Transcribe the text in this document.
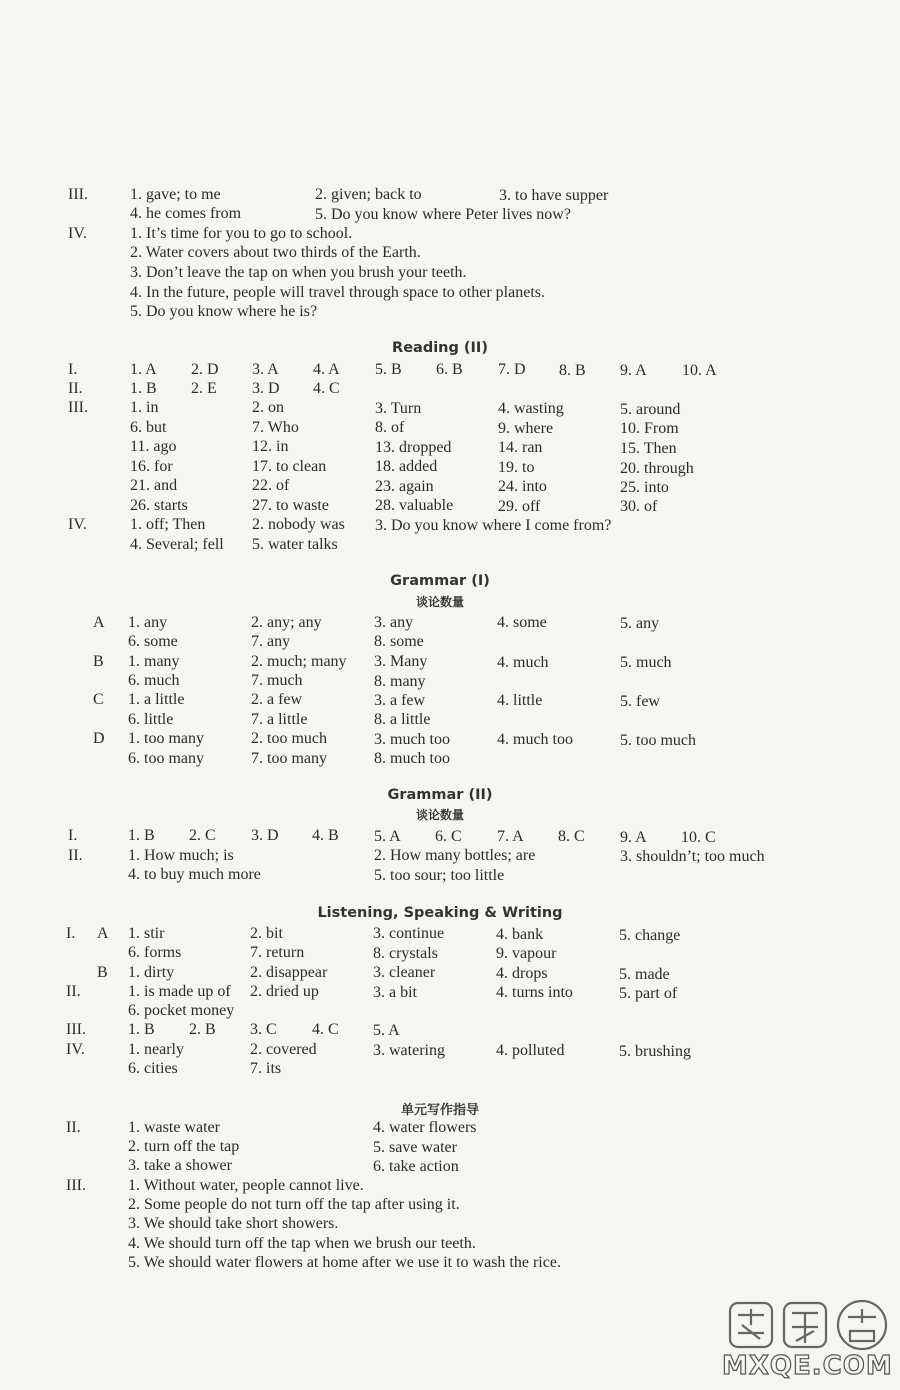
III.	1. gave; to me	2. given; back to	3. to have supper
4. he comes from	5. Do you know where Peter lives now?
IV.	1. It’s time for you to go to school.
2. Water covers about two thirds of the Earth.
3. Don’t leave the tap on when you brush your teeth.
4. In the future, people will travel through space to other planets.
5. Do you know where he is?
Reading (II)
I.	1. A 2. D 3. A 4. A 5. B 6. B 7. D 8. B 9. A 10. A
II.	1. B 2. E 3. D 4. C
III.	1. in	2. on	3. Turn	4. wasting	5. around
6. but	7. Who	8. of	9. where	10. From
11. ago	12. in	13. dropped	14. ran	15. Then
16. for	17. to clean	18. added	19. to	20. through
21. and	22. of	23. again	24. into	25. into
26. starts	27. to waste	28. valuable	29. off	30. of
IV.	1. off; Then	2. nobody was 3. Do you know where I come from?
4. Several; fell 5. water talks
Grammar (I)
谈论数量
A 1. any	2. any; any	3. any	4. some	5. any
6. some	7. any	8. some
B 1. many	2. much; many 3. Many	4. much	5. much
6. much	7. much	8. many
C 1. a little	2. a few	3. a few	4. little	5. few
6. little	7. a little	8. a little
D 1. too many	2. too much	3. much too	4. much too	5. too much
6. too many	7. too many	8. much too
Grammar (II)
谈论数量
I.	1. B 2. C 3. D 4. B 5. A 6. C 7. A 8. C 9. A 10. C
II.	1. How much; is	2. How many bottles; are	3. shouldn’t; too much
4. to buy much more	5. too sour; too little
Listening, Speaking & Writing
I. A 1. stir	2. bit	3. continue	4. bank	5. change
6. forms	7. return	8. crystals	9. vapour
B 1. dirty	2. disappear	3. cleaner	4. drops	5. made
II.	1. is made up of 2. dried up	3. a bit	4. turns into	5. part of
6. pocket money
III.	1. B 2. B 3. C 4. C 5. A
IV.	1. nearly	2. covered	3. watering	4. polluted	5. brushing
6. cities	7. its
单元写作指导
II.	1. waste water	4. water flowers
2. turn off the tap	5. save water
3. take a shower	6. take action
III.	1. Without water, people cannot live.
2. Some people do not turn off the tap after using it.
3. We should take short showers.
4. We should turn off the tap when we brush our teeth.
5. We should water flowers at home after we use it to wash the rice.
MXQE.COM
